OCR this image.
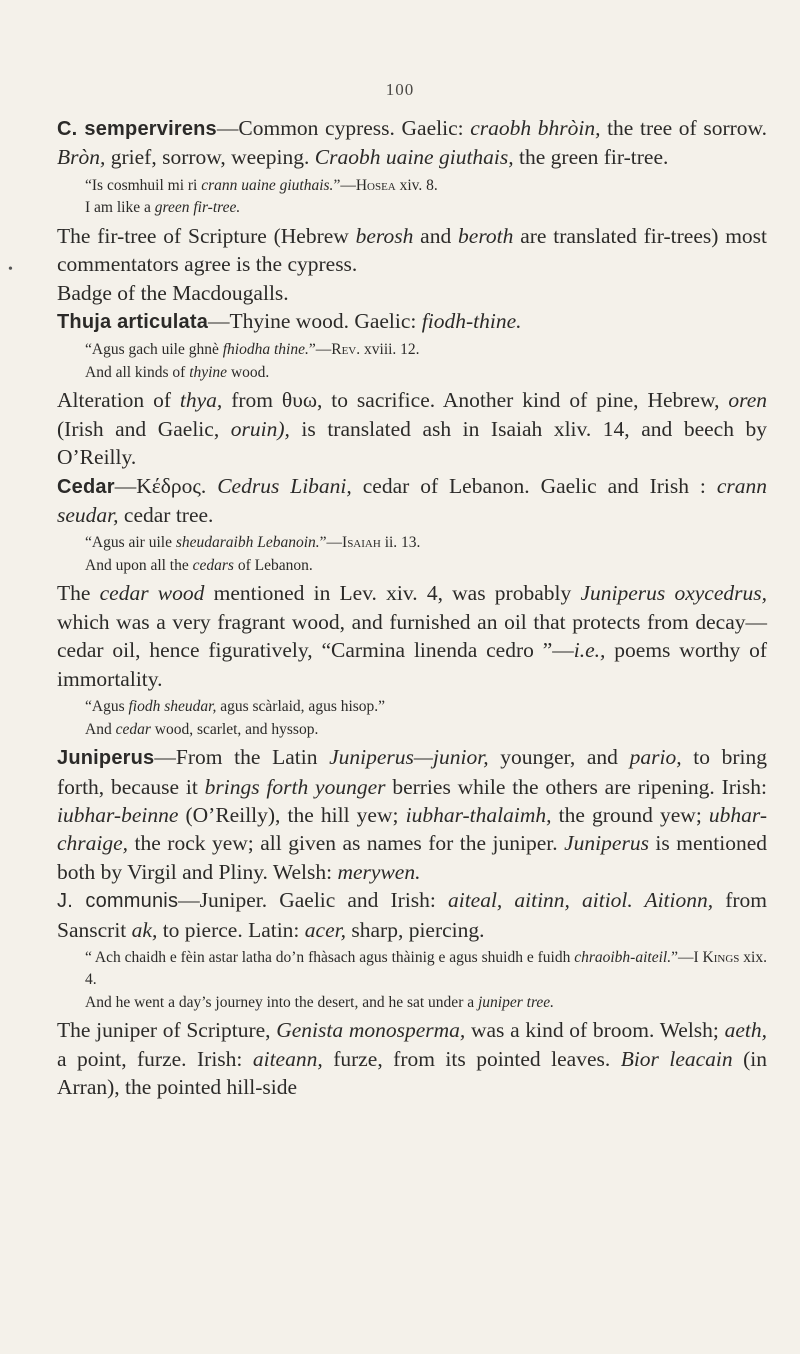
100
•
C. sempervirens—Common cypress. Gaelic: craobh bhròin, the tree of sorrow. Bròn, grief, sorrow, weeping. Craobh uaine giuthais, the green fir-tree.
“Is cosmhuil mi ri crann uaine giuthais.”—Hosea xiv. 8.
I am like a green fir-tree.
The fir-tree of Scripture (Hebrew berosh and beroth are translated fir-trees) most commentators agree is the cypress.
Badge of the Macdougalls.
Thuja articulata—Thyine wood. Gaelic: fiodh-thine.
“Agus gach uile ghnè fhiodha thine.”—Rev. xviii. 12.
And all kinds of thyine wood.
Alteration of thya, from θυω, to sacrifice. Another kind of pine, Hebrew, oren (Irish and Gaelic, oruin), is translated ash in Isaiah xliv. 14, and beech by O’Reilly.
Cedar—Κέδρος. Cedrus Libani, cedar of Lebanon. Gaelic and Irish : crann seudar, cedar tree.
“Agus air uile sheudaraibh Lebanoin.”—Isaiah ii. 13.
And upon all the cedars of Lebanon.
The cedar wood mentioned in Lev. xiv. 4, was probably Juniperus oxycedrus, which was a very fragrant wood, and furnished an oil that protects from decay—cedar oil, hence figuratively, “Carmina linenda cedro ”—i.e., poems worthy of immortality.
“Agus fiodh sheudar, agus scàrlaid, agus hisop.”
And cedar wood, scarlet, and hyssop.
Juniperus—From the Latin Juniperus—junior, younger, and pario, to bring forth, because it brings forth younger berries while the others are ripening. Irish: iubhar-beinne (O’Reilly), the hill yew; iubhar-thalaimh, the ground yew; ubhar-chraige, the rock yew; all given as names for the juniper. Juniperus is mentioned both by Virgil and Pliny. Welsh: merywen.
J. communis—Juniper. Gaelic and Irish: aiteal, aitinn, aitiol. Aitionn, from Sanscrit ak, to pierce. Latin: acer, sharp, piercing.
“ Ach chaidh e fèin astar latha do’n fhàsach agus thàinig e agus shuidh e fuidh chraoibh-aiteil.”—I Kings xix. 4.
And he went a day’s journey into the desert, and he sat under a juniper tree.
The juniper of Scripture, Genista monosperma, was a kind of broom. Welsh; aeth, a point, furze. Irish: aiteann, furze, from its pointed leaves. Bior leacain (in Arran), the pointed hill-side
